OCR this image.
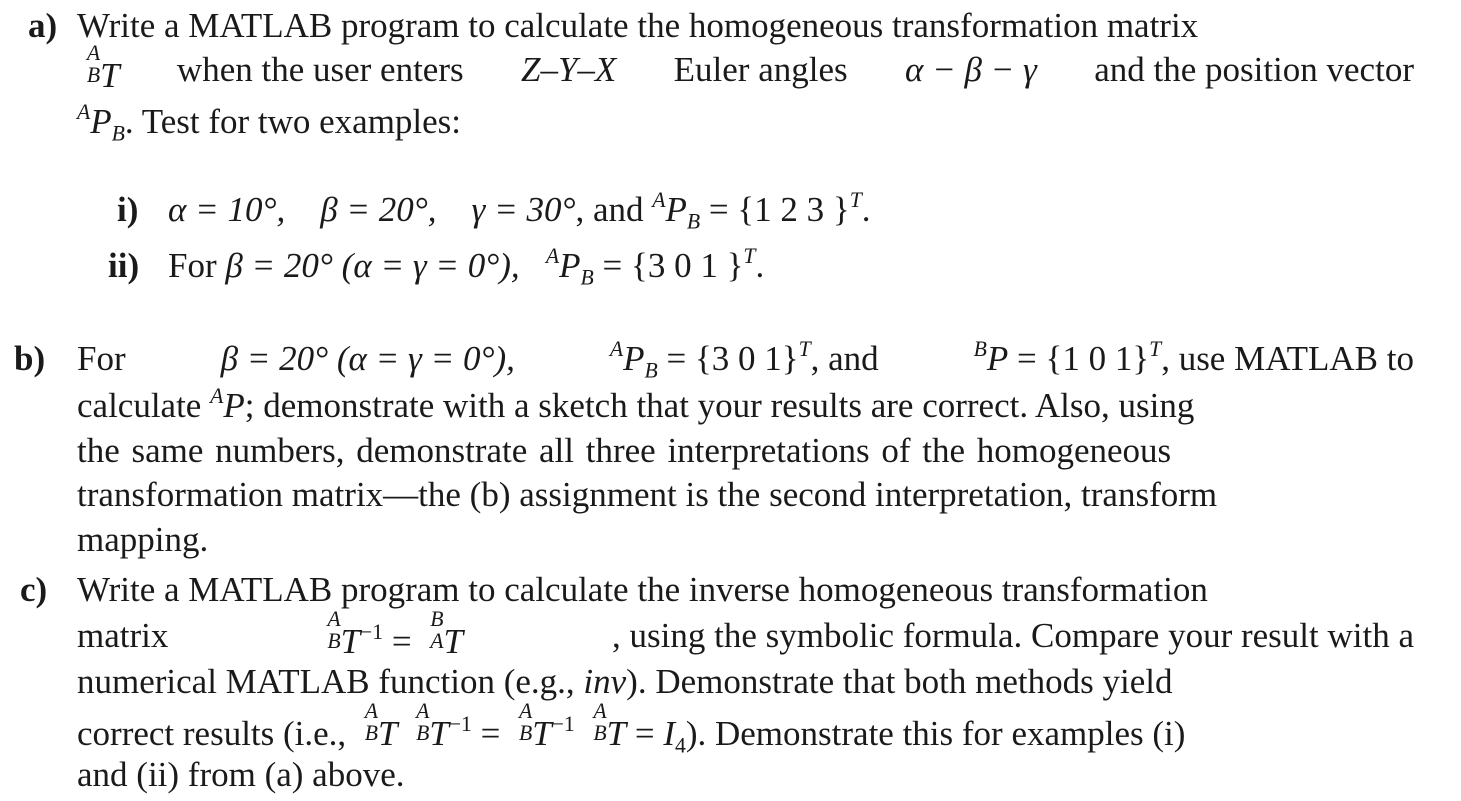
a) Write a MATLAB program to calculate the homogeneous transformation matrix
A
B T when the user enters Z–Y–X Euler angles α − β − γ and the position vector
$^AP_B$. Test for two examples:
i) α = 10°, β = 20°, γ = 30°, and $^AP_B = \{1$ 2 3 }$^T$.
ii) For β = 20° (α = γ = 0°), $^AP_B = \{3$ 0 1 }$^T$.
b) For	β = 20° (α = γ = 0°),	$^AP_B = \{3$ 0 1}$^T$, and	$^B$P = {1 0 1}$^T$, use MATLAB to
calculate $^A$P; demonstrate with a sketch that your results are correct. Also, using
the same numbers, demonstrate all three interpretations of the homogeneous
transformation matrix—the (b) assignment is the second interpretation, transform
mapping.
c) Write a MATLAB program to calculate the inverse homogeneous transformation
matrix	A
B $T^{-1}$ =
B
A T	, using the symbolic formula. Compare your result with a
numerical MATLAB function (e.g., inv). Demonstrate that both methods yield
correct results (i.e.,
A
B T
A
B $T^{-1}$ =
A
B $T^{-1}$
A
B $T = I_4$). Demonstrate this for examples (i)
and (ii) from (a) above.
